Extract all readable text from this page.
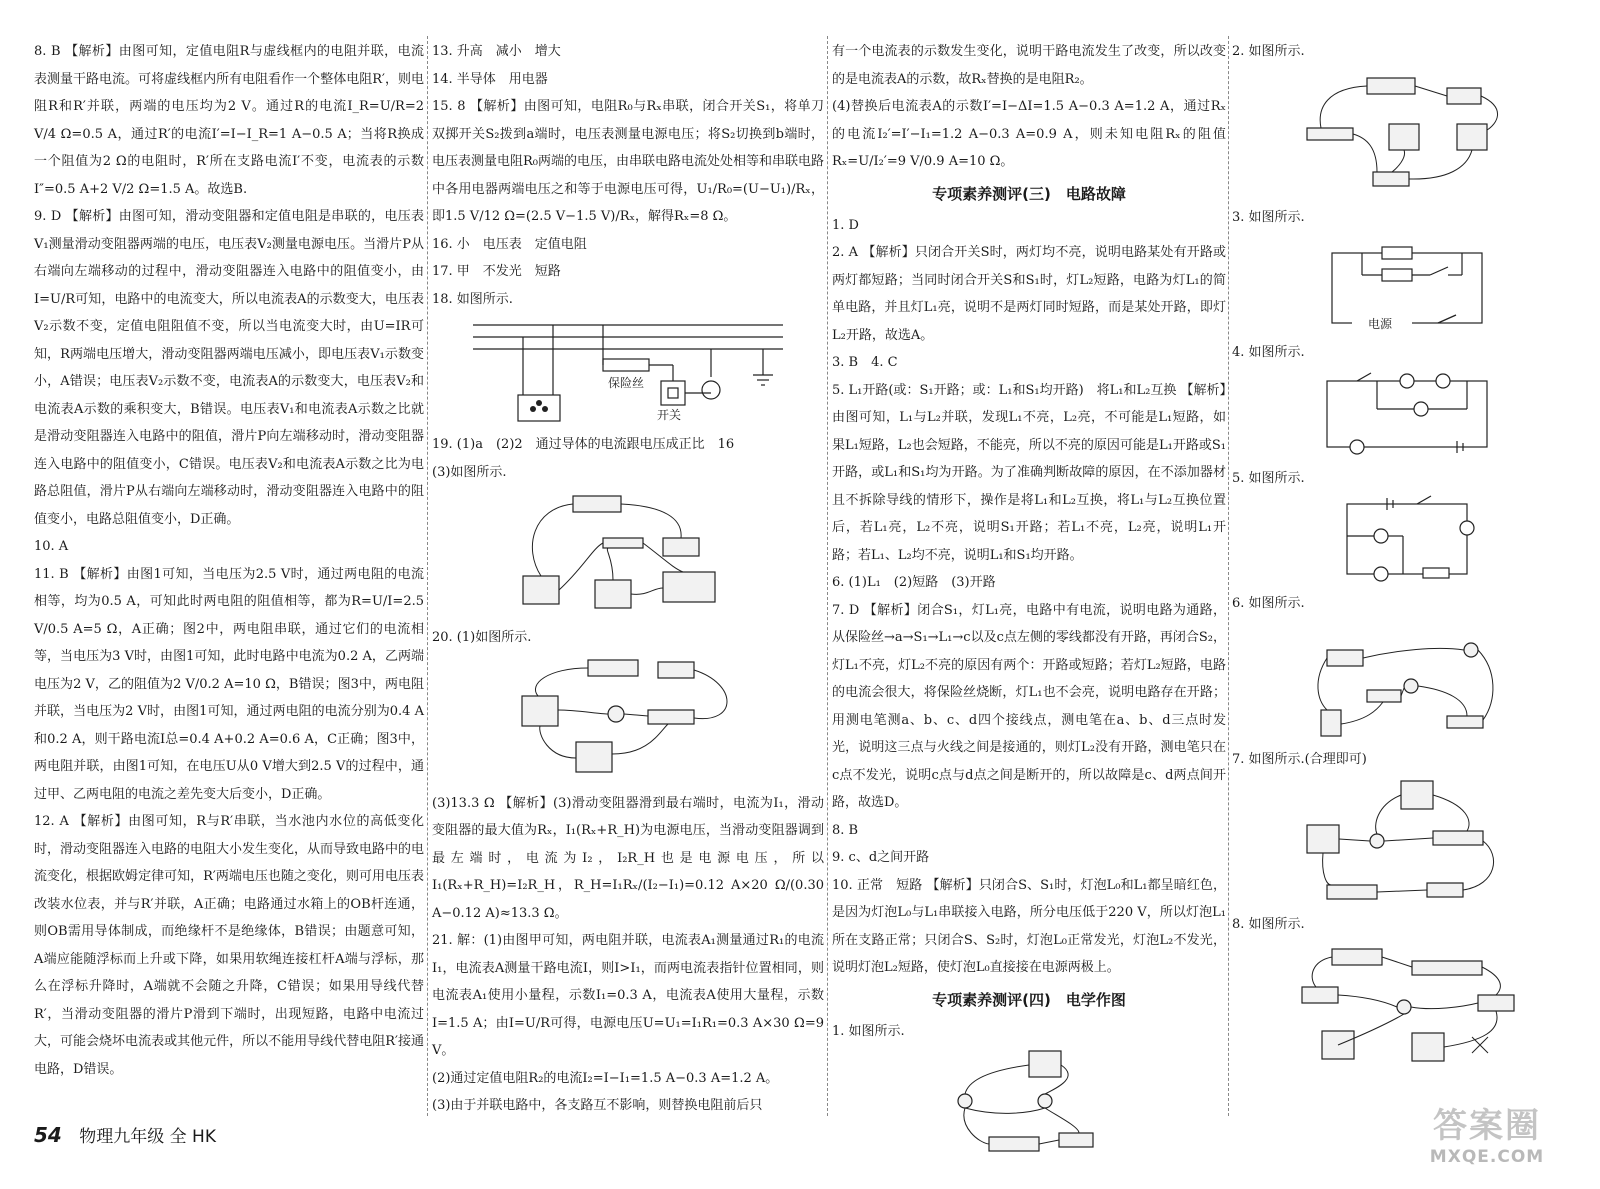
8. B 【解析】由图可知，定值电阻R与虚线框内的电阻并联，电流表测量干路电流。可将虚线框内所有电阻看作一个整体电阻R′，则电阻R和R′并联，两端的电压均为2 V。通过R的电流I_R=U/R=2 V/4 Ω=0.5 A，通过R′的电流I′=I−I_R=1 A−0.5 A；当将R换成一个阻值为2 Ω的电阻时，R′所在支路电流I′不变，电流表的示数I″=0.5 A+2 V/2 Ω=1.5 A。故选B.

9. D 【解析】由图可知，滑动变阻器和定值电阻是串联的，电压表V₁测量滑动变阻器两端的电压，电压表V₂测量电源电压。当滑片P从右端向左端移动的过程中，滑动变阻器连入电路中的阻值变小，由I=U/R可知，电路中的电流变大，所以电流表A的示数变大，电压表V₂示数不变，定值电阻阻值不变，所以当电流变大时，由U=IR可知，R两端电压增大，滑动变阻器两端电压减小，即电压表V₁示数变小，A错误；电压表V₂示数不变，电流表A的示数变大，电压表V₂和电流表A示数的乘积变大，B错误。电压表V₁和电流表A示数之比就是滑动变阻器连入电路中的阻值，滑片P向左端移动时，滑动变阻器连入电路中的阻值变小，C错误。电压表V₂和电流表A示数之比为电路总阻值，滑片P从右端向左端移动时，滑动变阻器连入电路中的阻值变小，电路总阻值变小，D正确。

10. A

11. B 【解析】由图1可知，当电压为2.5 V时，通过两电阻的电流相等，均为0.5 A，可知此时两电阻的阻值相等，都为R=U/I=2.5 V/0.5 A=5 Ω，A正确；图2中，两电阻串联，通过它们的电流相等，当电压为3 V时，由图1可知，此时电路中电流为0.2 A，乙两端电压为2 V，乙的阻值为2 V/0.2 A=10 Ω，B错误；图3中，两电阻并联，当电压为2 V时，由图1可知，通过两电阻的电流分别为0.4 A和0.2 A，则干路电流I总=0.4 A+0.2 A=0.6 A，C正确；图3中，两电阻并联，由图1可知，在电压U从0 V增大到2.5 V的过程中，通过甲、乙两电阻的电流之差先变大后变小，D正确。

12. A 【解析】由图可知，R与R′串联，当水池内水位的高低变化时，滑动变阻器连入电路的电阻大小发生变化，从而导致电路中的电流变化，根据欧姆定律可知，R′两端电压也随之变化，则可用电压表改装水位表，并与R′并联，A正确；电路通过水箱上的OB杆连通，则OB需用导体制成，而绝缘杆不是绝缘体，B错误；由题意可知，A端应能随浮标而上升或下降，如果用软绳连接杠杆A端与浮标，那么在浮标升降时，A端就不会随之升降，C错误；如果用导线代替R′，当滑动变阻器的滑片P滑到下端时，出现短路，电路中电流过大，可能会烧坏电流表或其他元件，所以不能用导线代替电阻R′接通电路，D错误。

13. 升高　减小　增大

14. 半导体　用电器

15. 8 【解析】由图可知，电阻R₀与Rₓ串联，闭合开关S₁，将单刀双掷开关S₂拨到a端时，电压表测量电源电压；将S₂切换到b端时，电压表测量电阻R₀两端的电压，由串联电路电流处处相等和串联电路中各用电器两端电压之和等于电源电压可得，U₁/R₀=(U−U₁)/Rₓ，即1.5 V/12 Ω=(2.5 V−1.5 V)/Rₓ，解得Rₓ=8 Ω。

16. 小　电压表　定值电阻

17. 甲　不发光　短路

18. 如图所示.

保险丝
开关

19. (1)a　(2)2　通过导体的电流跟电压成正比　16

(3)如图所示.

20. (1)如图所示.

(3)13.3 Ω 【解析】(3)滑动变阻器滑到最右端时，电流为I₁，滑动变阻器的最大值为Rₓ，I₁(Rₓ+R_H)为电源电压，当滑动变阻器调到最左端时，电流为I₂，I₂R_H也是电源电压，所以I₁(Rₓ+R_H)=I₂R_H，R_H=I₁Rₓ/(I₂−I₁)=0.12 A×20 Ω/(0.30 A−0.12 A)≈13.3 Ω。

21. 解：(1)由图甲可知，两电阻并联，电流表A₁测量通过R₁的电流I₁，电流表A测量干路电流I，则I>I₁，而两电流表指针位置相同，则电流表A₁使用小量程，示数I₁=0.3 A，电流表A使用大量程，示数I=1.5 A；由I=U/R可得，电源电压U=U₁=I₁R₁=0.3 A×30 Ω=9 V。

(2)通过定值电阻R₂的电流I₂=I−I₁=1.5 A−0.3 A=1.2 A。

(3)由于并联电路中，各支路互不影响，则替换电阻前后只

有一个电流表的示数发生变化，说明干路电流发生了改变，所以改变的是电流表A的示数，故Rₓ替换的是电阻R₂。

(4)替换后电流表A的示数I′=I−ΔI=1.5 A−0.3 A=1.2 A，通过Rₓ的电流I₂′=I′−I₁=1.2 A−0.3 A=0.9 A，则未知电阻Rₓ的阻值Rₓ=U/I₂′=9 V/0.9 A=10 Ω。

专项素养测评(三)　电路故障

1. D

2. A 【解析】只闭合开关S时，两灯均不亮，说明电路某处有开路或两灯都短路；当同时闭合开关S和S₁时，灯L₂短路，电路为灯L₁的简单电路，并且灯L₁亮，说明不是两灯同时短路，而是某处开路，即灯L₂开路，故选A。

3. B　4. C

5. L₁开路(或：S₁开路；或：L₁和S₁均开路)　将L₁和L₂互换 【解析】由图可知，L₁与L₂并联，发现L₁不亮，L₂亮，不可能是L₁短路，如果L₁短路，L₂也会短路，不能亮，所以不亮的原因可能是L₁开路或S₁开路，或L₁和S₁均为开路。为了准确判断故障的原因，在不添加器材且不拆除导线的情形下，操作是将L₁和L₂互换，将L₁与L₂互换位置后，若L₁亮，L₂不亮，说明S₁开路；若L₁不亮，L₂亮，说明L₁开路；若L₁、L₂均不亮，说明L₁和S₁均开路。

6. (1)L₁　(2)短路　(3)开路

7. D 【解析】闭合S₁，灯L₁亮，电路中有电流，说明电路为通路，从保险丝→a→S₁→L₁→c以及c点左侧的零线都没有开路，再闭合S₂，灯L₁不亮，灯L₂不亮的原因有两个：开路或短路；若灯L₂短路，电路的电流会很大，将保险丝烧断，灯L₁也不会亮，说明电路存在开路；用测电笔测a、b、c、d四个接线点，测电笔在a、b、d三点时发光，说明这三点与火线之间是接通的，则灯L₂没有开路，测电笔只在c点不发光，说明c点与d点之间是断开的，所以故障是c、d两点间开路，故选D。

8. B

9. c、d之间开路

10. 正常　短路 【解析】只闭合S、S₁时，灯泡L₀和L₁都呈暗红色，是因为灯泡L₀与L₁串联接入电路，所分电压低于220 V，所以灯泡L₁所在支路正常；只闭合S、S₂时，灯泡L₀正常发光，灯泡L₂不发光，说明灯泡L₂短路，使灯泡L₀直接接在电源两极上。

专项素养测评(四)　电学作图

1. 如图所示.

2. 如图所示.

3. 如图所示.

电源

4. 如图所示.

5. 如图所示.

6. 如图所示.

7. 如图所示.(合理即可)

8. 如图所示.

54 物理九年级 全 HK	答案圈
MXQE.COM
